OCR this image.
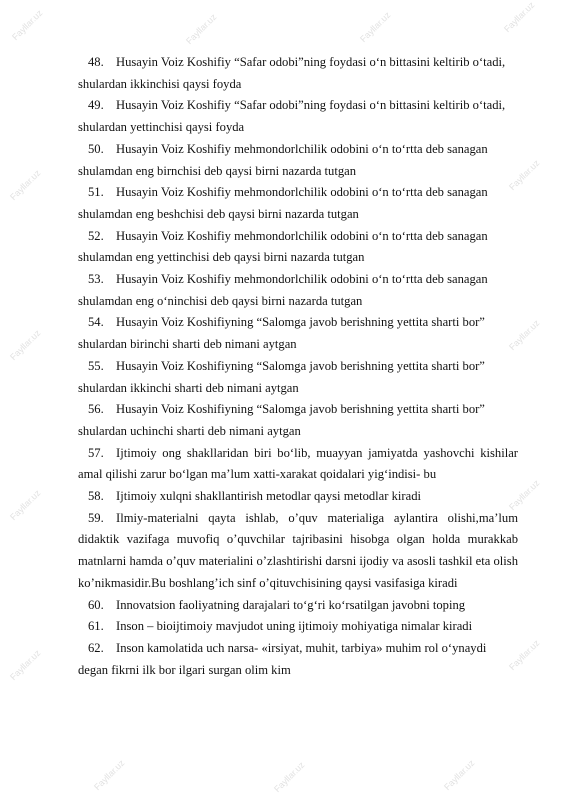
Fayllar.uz	Fayllar.uz	Fayllar.uz	Fayllar.uz
Fayllar.uz	Fayllar.uz
Fayllar.uz	Fayllar.uz
Fayllar.uz	Fayllar.uz
Fayllar.uz	Fayllar.uz
Fayllar.uz	Fayllar.uz	Fayllar.uz
48. Husayin Voiz Koshifiy “Safar odobi”ning foydasi o‘n bittasini keltirib o‘tadi, shulardan ikkinchisi qaysi foyda
49. Husayin Voiz Koshifiy “Safar odobi”ning foydasi o‘n bittasini keltirib o‘tadi, shulardan yettinchisi qaysi foyda
50. Husayin Voiz Koshifiy mehmondorlchilik odobini o‘n to‘rtta deb sanagan shulamdan eng birnchisi deb qaysi birni nazarda tutgan
51. Husayin Voiz Koshifiy mehmondorlchilik odobini o‘n to‘rtta deb sanagan shulamdan eng beshchisi deb qaysi birni nazarda tutgan
52. Husayin Voiz Koshifiy mehmondorlchilik odobini o‘n to‘rtta deb sanagan shulamdan eng yettinchisi deb qaysi birni nazarda tutgan
53. Husayin Voiz Koshifiy mehmondorlchilik odobini o‘n to‘rtta deb sanagan shulamdan eng o‘ninchisi deb qaysi birni nazarda tutgan
54. Husayin Voiz Koshifiyning “Salomga javob berishning yettita sharti bor” shulardan birinchi sharti deb nimani aytgan
55. Husayin Voiz Koshifiyning “Salomga javob berishning yettita sharti bor” shulardan ikkinchi sharti deb nimani aytgan
56. Husayin Voiz Koshifiyning “Salomga javob berishning yettita sharti bor” shulardan uchinchi sharti deb nimani aytgan
57. Ijtimoiy ong shakllaridan biri bo‘lib, muayyan jamiyatda yashovchi kishilar amal qilishi zarur bo‘lgan ma’lum xatti-xarakat qoidalari yig‘indisi- bu
58. Ijtimoiy xulqni shakllantirish metodlar qaysi metodlar kiradi
59. Ilmiy-materialni qayta ishlab, o’quv materialiga aylantira olishi,ma’lum didaktik vazifaga muvofiq o’quvchilar tajribasini hisobga olgan holda murakkab matnlarni hamda o’quv materialini o’zlashtirishi darsni ijodiy va asosli tashkil eta olish ko’nikmasidir.Bu boshlang’ich sinf o’qituvchisining qaysi vasifasiga kiradi
60. Innovatsion faoliyatning darajalari to‘g‘ri ko‘rsatilgan javobni toping
61. Inson – bioijtimoiy mavjudot uning ijtimoiy mohiyatiga nimalar kiradi
62. Inson kamolatida uch narsa- «irsiyat, muhit, tarbiya» muhim rol o‘ynaydi degan fikrni ilk bor ilgari surgan olim kim
